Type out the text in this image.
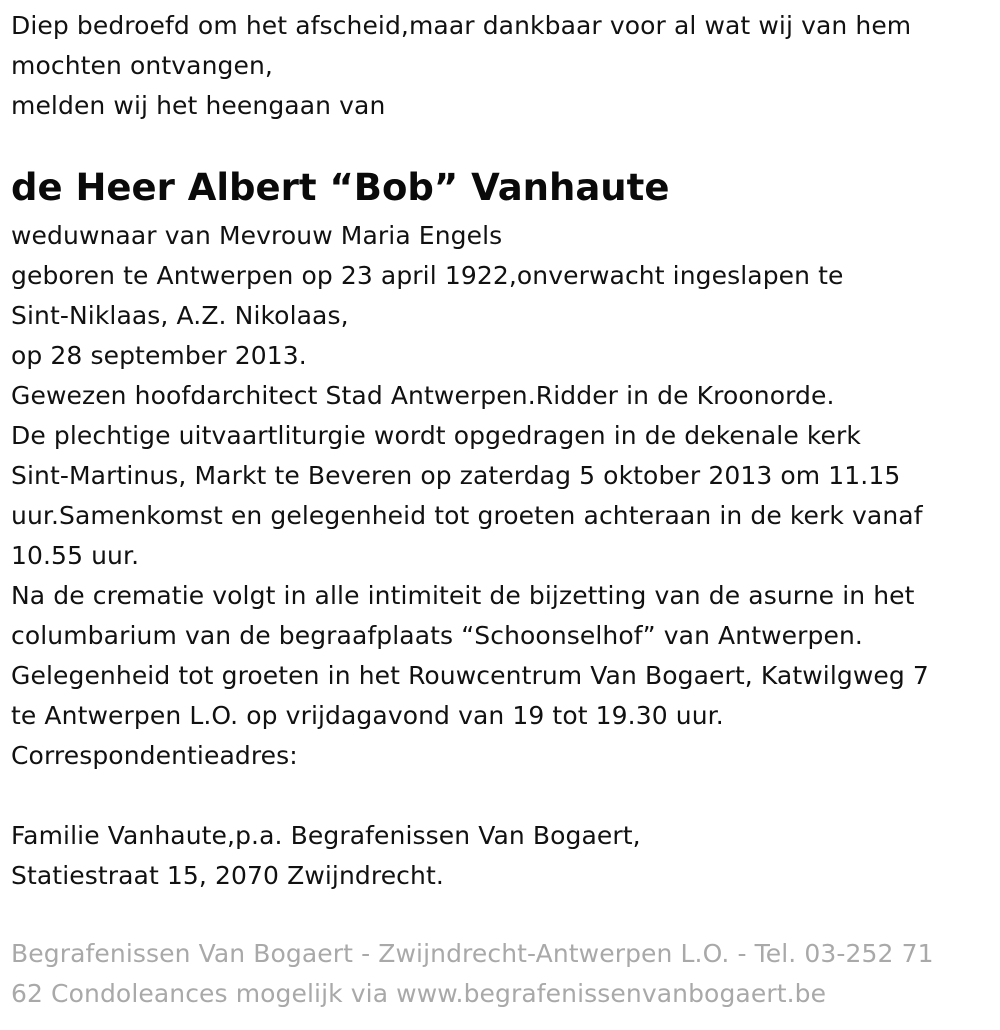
Diep bedroefd om het afscheid,maar dankbaar voor al wat wij van hem
mochten ontvangen,
melden wij het heengaan van
de Heer Albert “Bob” Vanhaute
weduwnaar van Mevrouw Maria Engels
geboren te Antwerpen op 23 april 1922,onverwacht ingeslapen te
Sint-Niklaas, A.Z. Nikolaas,
op 28 september 2013.
Gewezen hoofdarchitect Stad Antwerpen.Ridder in de Kroonorde.
De plechtige uitvaartliturgie wordt opgedragen in de dekenale kerk
Sint-Martinus, Markt te Beveren op zaterdag 5 oktober 2013 om 11.15
uur.Samenkomst en gelegenheid tot groeten achteraan in de kerk vanaf
10.55 uur.
Na de crematie volgt in alle intimiteit de bijzetting van de asurne in het
columbarium van de begraafplaats “Schoonselhof” van Antwerpen.
Gelegenheid tot groeten in het Rouwcentrum Van Bogaert, Katwilgweg 7
te Antwerpen L.O. op vrijdagavond van 19 tot 19.30 uur.
Correspondentieadres:
Familie Vanhaute,p.a. Begrafenissen Van Bogaert,
Statiestraat 15, 2070 Zwijndrecht.
Begrafenissen Van Bogaert - Zwijndrecht-Antwerpen L.O. - Tel. 03-252 71
62 Condoleances mogelijk via www.begrafenissenvanbogaert.be
